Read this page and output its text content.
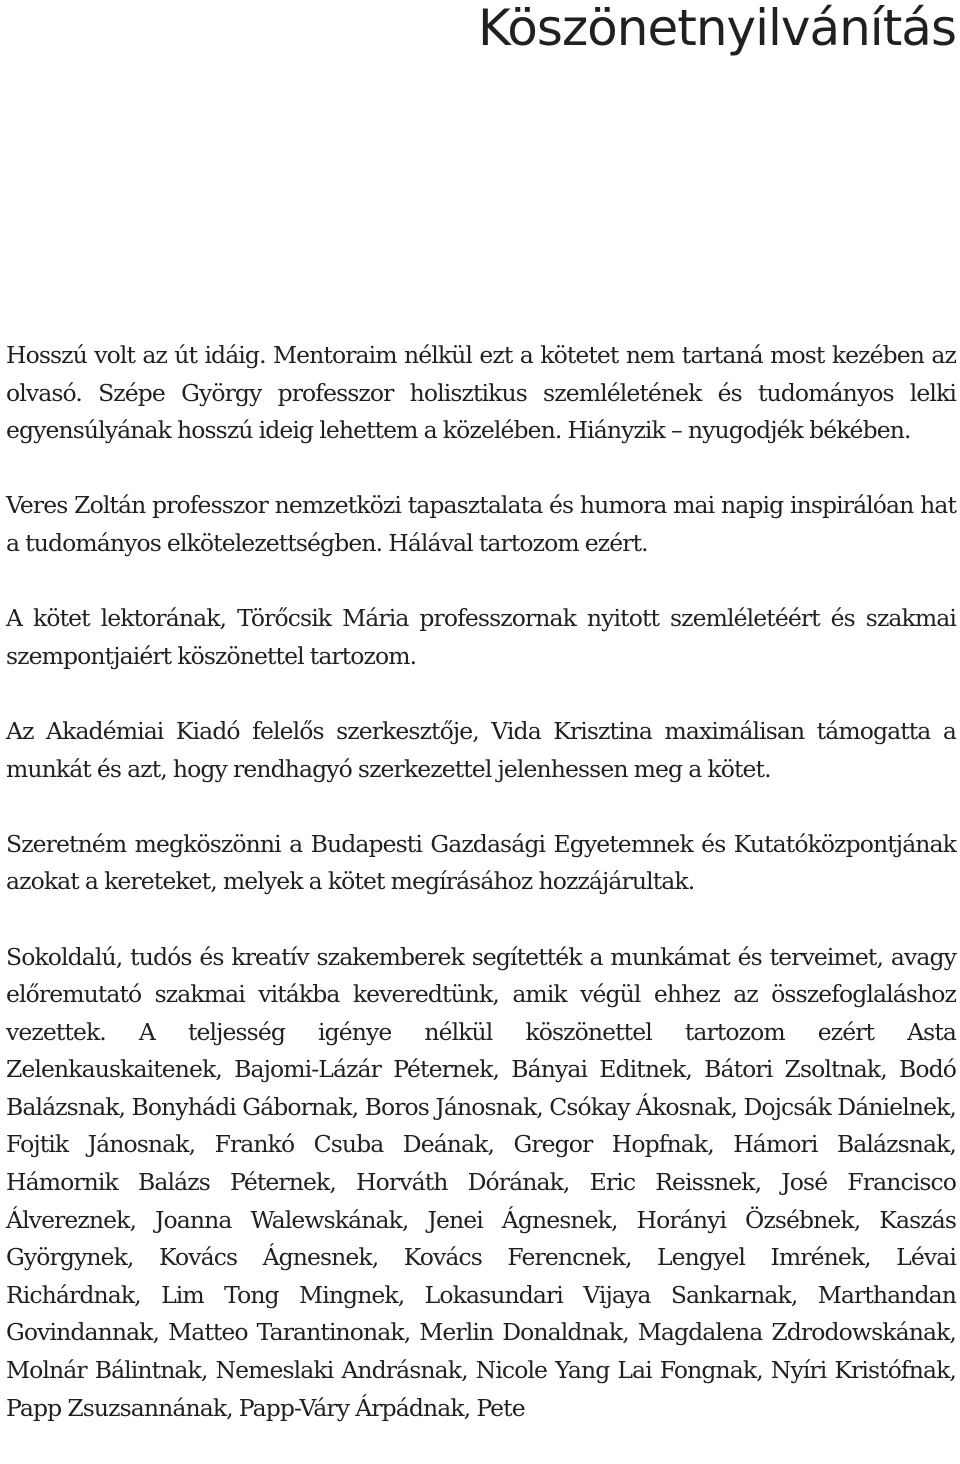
Köszönetnyilvánítás

Hosszú volt az út idáig. Mentoraim nélkül ezt a kötetet nem tartaná most kezében az olvasó. Szépe György professzor holisztikus szemléletének és tudományos lelki egyensúlyának hosszú ideig lehettem a közelében. Hiányzik – nyugodjék békében.

Veres Zoltán professzor nemzetközi tapasztalata és humora mai napig inspirálóan hat a tudományos elkötelezettségben. Hálával tartozom ezért.

A kötet lektorának, Törőcsik Mária professzornak nyitott szemléletéért és szakmai szempontjaiért köszönettel tartozom.

Az Akadémiai Kiadó felelős szerkesztője, Vida Krisztina maximálisan támogatta a munkát és azt, hogy rendhagyó szerkezettel jelenhessen meg a kötet.

Szeretném megköszönni a Budapesti Gazdasági Egyetemnek és Kutatóközpontjának azokat a kereteket, melyek a kötet megírásához hozzájárultak.

Sokoldalú, tudós és kreatív szakemberek segítették a munkámat és terveimet, avagy előremutató szakmai vitákba keveredtünk, amik végül ehhez az összefoglaláshoz vezettek. A teljesség igénye nélkül köszönettel tartozom ezért Asta Zelenkauskaitenek, Bajomi-Lázár Péternek, Bányai Editnek, Bátori Zsoltnak, Bodó Balázsnak, Bonyhádi Gábornak, Boros Jánosnak, Csókay Ákosnak, Dojcsák Dánielnek, Fojtik Jánosnak, Frankó Csuba Deának, Gregor Hopfnak, Hámori Balázsnak, Hámornik Balázs Péternek, Horváth Dórának, Eric Reissnek, José Francisco Álvereznek, Joanna Walewskának, Jenei Ágnesnek, Horányi Özsébnek, Kaszás Györgynek, Kovács Ágnesnek, Kovács Ferencnek, Lengyel Imrének, Lévai Richárdnak, Lim Tong Mingnek, Lokasundari Vijaya Sankarnak, Marthandan Govindannak, Matteo Tarantinonak, Merlin Donaldnak, Magdalena Zdrodowskának, Molnár Bálintnak, Nemeslaki Andrásnak, Nicole Yang Lai Fongnak, Nyíri Kristófnak, Papp Zsuzsannának, Papp-Váry Árpádnak, Pete
